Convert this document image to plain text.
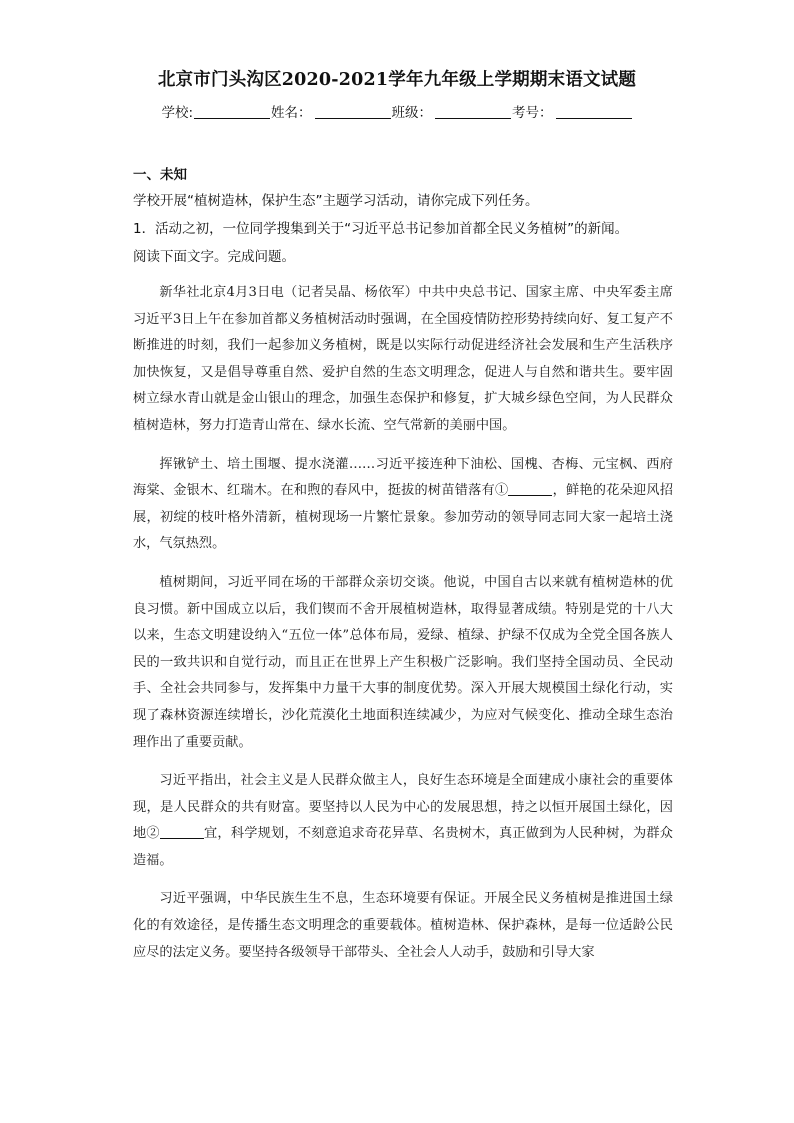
北京市门头沟区2020-2021学年九年级上学期期末语文试题
学校:	姓名：	班级：	考号：
一、未知
学校开展“植树造林，保护生态”主题学习活动，请你完成下列任务。
1．活动之初，一位同学搜集到关于“习近平总书记参加首都全民义务植树”的新闻。
阅读下面文字。完成问题。

新华社北京4月3日电（记者吴晶、杨依军）中共中央总书记、国家主席、中央军委主席习近平3日上午在参加首都义务植树活动时强调，在全国疫情防控形势持续向好、复工复产不断推进的时刻，我们一起参加义务植树，既是以实际行动促进经济社会发展和生产生活秩序加快恢复，又是倡导尊重自然、爱护自然的生态文明理念，促进人与自然和谐共生。要牢固树立绿水青山就是金山银山的理念，加强生态保护和修复，扩大城乡绿色空间，为人民群众植树造林，努力打造青山常在、绿水长流、空气常新的美丽中国。

挥锹铲土、培土围堰、提水浇灌……习近平接连种下油松、国槐、杏梅、元宝枫、西府海棠、金银木、红瑞木。在和煦的春风中，挺拔的树苗错落有①	，鲜艳的花朵迎风招展，初绽的枝叶格外清新，植树现场一片繁忙景象。参加劳动的领导同志同大家一起培土浇水，气氛热烈。

植树期间，习近平同在场的干部群众亲切交谈。他说，中国自古以来就有植树造林的优良习惯。新中国成立以后，我们锲而不舍开展植树造林，取得显著成绩。特别是党的十八大以来，生态文明建设纳入“五位一体”总体布局，爱绿、植绿、护绿不仅成为全党全国各族人民的一致共识和自觉行动，而且正在世界上产生积极广泛影响。我们坚持全国动员、全民动手、全社会共同参与，发挥集中力量干大事的制度优势。深入开展大规模国土绿化行动，实现了森林资源连续增长，沙化荒漠化土地面积连续减少，为应对气候变化、推动全球生态治理作出了重要贡献。

习近平指出，社会主义是人民群众做主人，良好生态环境是全面建成小康社会的重要体现，是人民群众的共有财富。要坚持以人民为中心的发展思想，持之以恒开展国土绿化，因地②	宜，科学规划，不刻意追求奇花异草、名贵树木，真正做到为人民种树，为群众造福。

习近平强调，中华民族生生不息，生态环境要有保证。开展全民义务植树是推进国土绿化的有效途径，是传播生态文明理念的重要载体。植树造林、保护森林，是每一位适龄公民应尽的法定义务。要坚持各级领导干部带头、全社会人人动手，鼓励和引导大家
